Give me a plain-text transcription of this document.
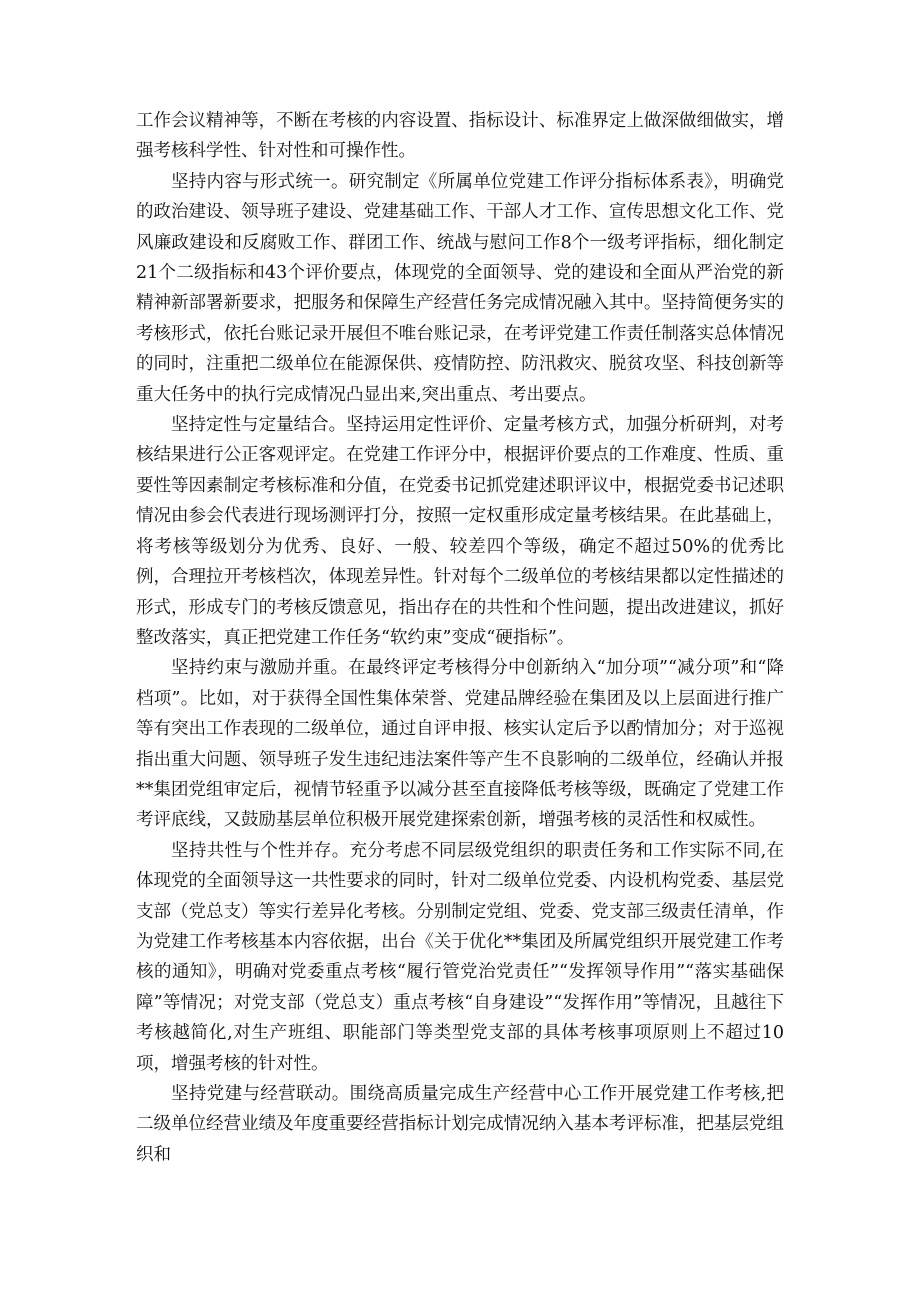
工作会议精神等，不断在考核的内容设置、指标设计、标准界定上做深做细做实，增强考核科学性、针对性和可操作性。

坚持内容与形式统一。研究制定《所属单位党建工作评分指标体系表》，明确党的政治建设、领导班子建设、党建基础工作、干部人才工作、宣传思想文化工作、党风廉政建设和反腐败工作、群团工作、统战与慰问工作8个一级考评指标，细化制定21个二级指标和43个评价要点，体现党的全面领导、党的建设和全面从严治党的新精神新部署新要求，把服务和保障生产经营任务完成情况融入其中。坚持简便务实的考核形式，依托台账记录开展但不唯台账记录，在考评党建工作责任制落实总体情况的同时，注重把二级单位在能源保供、疫情防控、防汛救灾、脱贫攻坚、科技创新等重大任务中的执行完成情况凸显出来,突出重点、考出要点。

坚持定性与定量结合。坚持运用定性评价、定量考核方式，加强分析研判，对考核结果进行公正客观评定。在党建工作评分中，根据评价要点的工作难度、性质、重要性等因素制定考核标准和分值，在党委书记抓党建述职评议中，根据党委书记述职情况由参会代表进行现场测评打分，按照一定权重形成定量考核结果。在此基础上，将考核等级划分为优秀、良好、一般、较差四个等级，确定不超过50%的优秀比例，合理拉开考核档次，体现差异性。针对每个二级单位的考核结果都以定性描述的形式，形成专门的考核反馈意见，指出存在的共性和个性问题，提出改进建议，抓好整改落实，真正把党建工作任务“软约束”变成“硬指标”。

坚持约束与激励并重。在最终评定考核得分中创新纳入“加分项”“减分项”和“降档项”。比如，对于获得全国性集体荣誉、党建品牌经验在集团及以上层面进行推广等有突出工作表现的二级单位，通过自评申报、核实认定后予以酌情加分；对于巡视指出重大问题、领导班子发生违纪违法案件等产生不良影响的二级单位，经确认并报**集团党组审定后，视情节轻重予以减分甚至直接降低考核等级，既确定了党建工作考评底线，又鼓励基层单位积极开展党建探索创新，增强考核的灵活性和权威性。

坚持共性与个性并存。充分考虑不同层级党组织的职责任务和工作实际不同,在体现党的全面领导这一共性要求的同时，针对二级单位党委、内设机构党委、基层党支部（党总支）等实行差异化考核。分别制定党组、党委、党支部三级责任清单，作为党建工作考核基本内容依据，出台《关于优化**集团及所属党组织开展党建工作考核的通知》，明确对党委重点考核“履行管党治党责任”“发挥领导作用”“落实基础保障”等情况；对党支部（党总支）重点考核“自身建设”“发挥作用”等情况，且越往下考核越简化,对生产班组、职能部门等类型党支部的具体考核事项原则上不超过10项，增强考核的针对性。

坚持党建与经营联动。围绕高质量完成生产经营中心工作开展党建工作考核,把二级单位经营业绩及年度重要经营指标计划完成情况纳入基本考评标准，把基层党组织和
